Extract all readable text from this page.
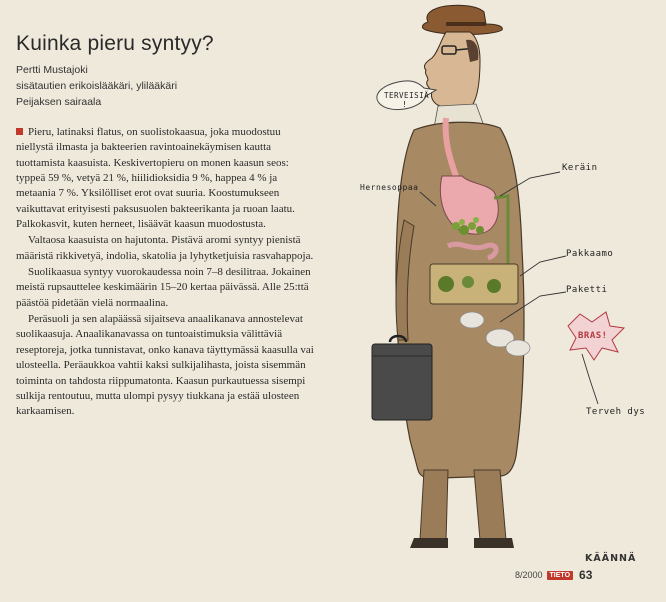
TERVEISIÄ
!
Keräin
Hernesoppaa
Pakkaamo
Paketti
BRAS!
Terveh dys
Kuinka pieru syntyy?
Pertti Mustajoki
sisätautien erikoislääkäri, ylilääkäri
Peijaksen sairaala

Pieru, latinaksi flatus, on suolistokaasua, joka muodostuu niellystä ilmasta ja bakteerien ravintoainekäymisen kautta tuottamista kaasuista. Keskivertopieru on monen kaasun seos: typpeä 59 %, vetyä 21 %, hiilidioksidia 9 %, happea 4 % ja metaania 7 %. Yksilölliset erot ovat suuria. Koostumukseen vaikuttavat erityisesti paksusuolen bakteerikanta ja ruoan laatu. Palkokasvit, kuten herneet, lisäävät kaasun muodostusta.

Valtaosa kaasuista on hajutonta. Pistävä aromi syntyy pienistä määristä rikkivetyä, indolia, skatolia ja lyhytketjuisia rasvahappoja.

Suolikaasua syntyy vuorokaudessa noin 7–8 desilitraa. Jokainen meistä rupsauttelee keskimäärin 15–20 kertaa päivässä. Alle 25:ttä päästöä pidetään vielä normaalina.

Peräsuoli ja sen alapäässä sijaitseva anaalikanava annostelevat suolikaasuja. Anaalikanavassa on tuntoaistimuksia välittäviä reseptoreja, jotka tunnistavat, onko kanava täyttymässä kaasulla vai ulosteella. Peräaukkoa vahtii kaksi sulkijalihasta, joista sisemmän toiminta on tahdosta riippumatonta. Kaasun purkautuessa sisempi sulkija rentoutuu, mutta ulompi pysyy tiukkana ja estää ulosteen karkaamisen.

KÄÄNNÄ
8/2000	TIETO 63
